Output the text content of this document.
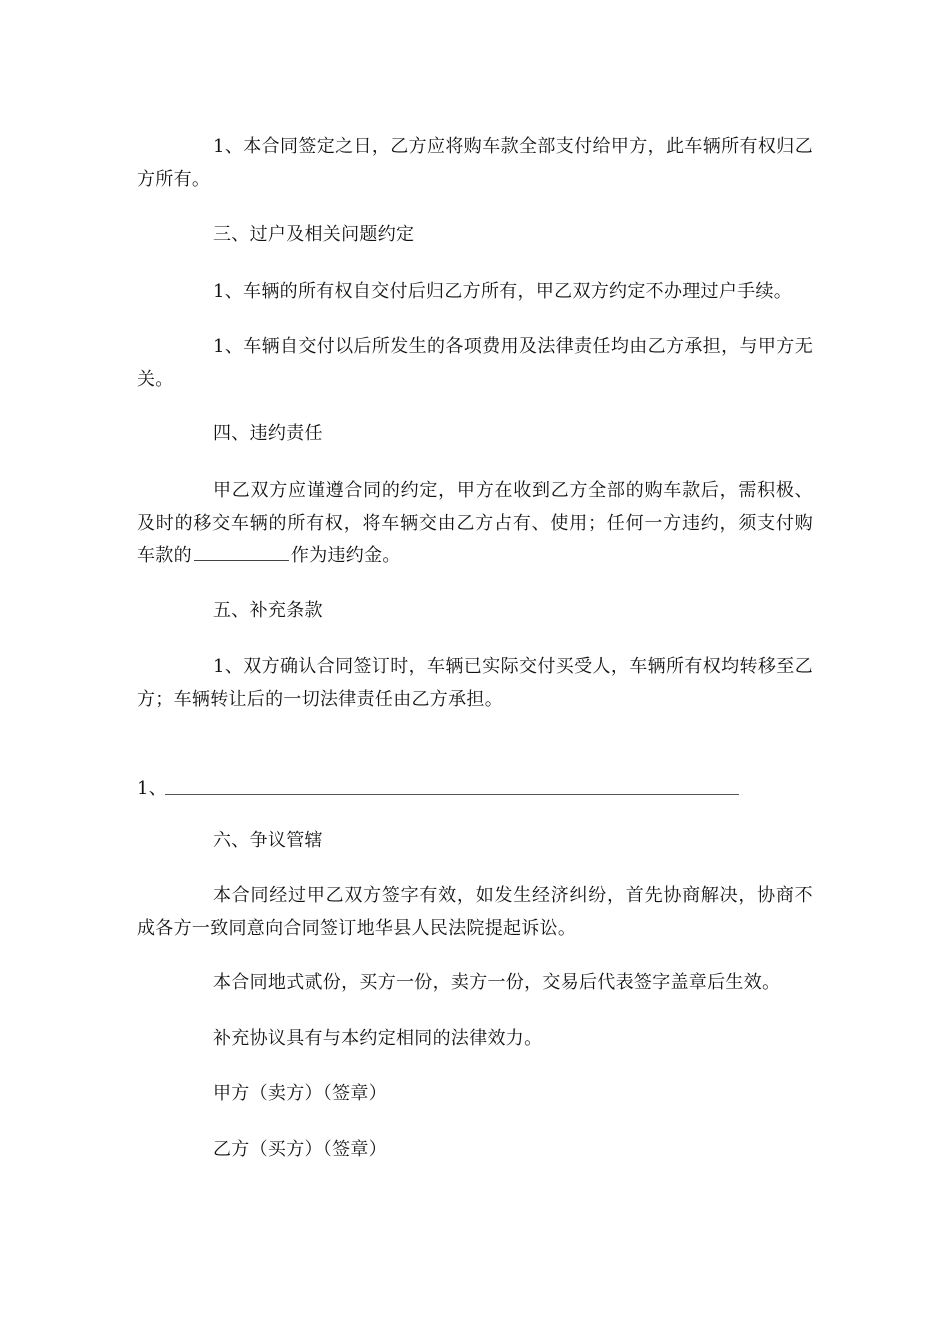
1、本合同签定之日，乙方应将购车款全部支付给甲方，此车辆所有权归乙方所有。

三、过户及相关问题约定

1、车辆的所有权自交付后归乙方所有，甲乙双方约定不办理过户手续。

1、车辆自交付以后所发生的各项费用及法律责任均由乙方承担，与甲方无关。

四、违约责任

甲乙双方应谨遵合同的约定，甲方在收到乙方全部的购车款后，需积极、及时的移交车辆的所有权，将车辆交由乙方占有、使用；任何一方违约，须支付购车款的	作为违约金。

五、补充条款

1、双方确认合同签订时，车辆已实际交付买受人，车辆所有权均转移至乙方；车辆转让后的一切法律责任由乙方承担。

1、

六、争议管辖

本合同经过甲乙双方签字有效，如发生经济纠纷，首先协商解决，协商不成各方一致同意向合同签订地华县人民法院提起诉讼。

本合同地式贰份，买方一份，卖方一份，交易后代表签字盖章后生效。

补充协议具有与本约定相同的法律效力。

甲方（卖方）（签章）

乙方（买方）（签章）
